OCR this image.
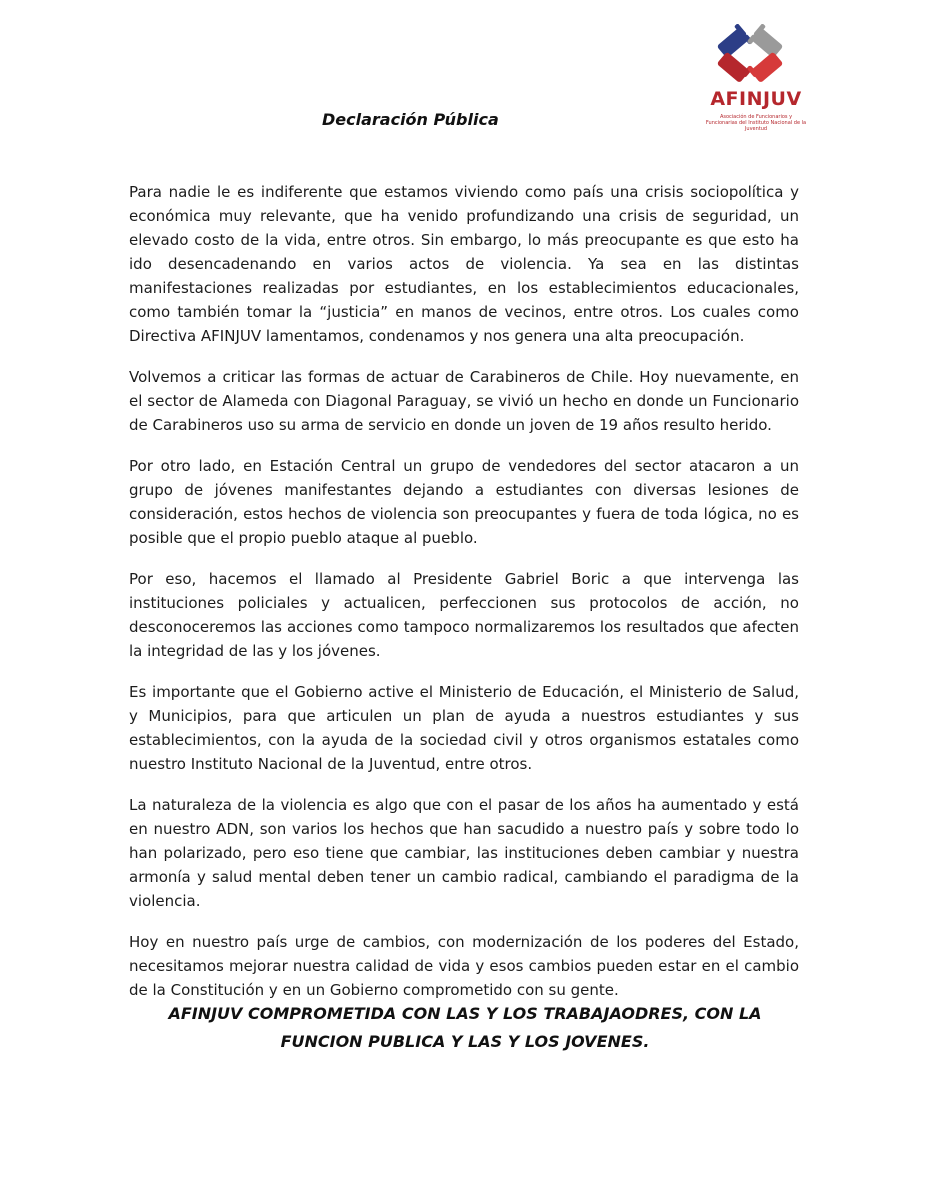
AFINJUV
Asociación de Funcionarios y Funcionarias del Instituto Nacional de la Juventud
Declaración Pública

Para nadie le es indiferente que estamos viviendo como país una crisis sociopolítica y económica muy relevante, que ha venido profundizando una crisis de seguridad, un elevado costo de la vida, entre otros. Sin embargo, lo más preocupante es que esto ha ido desencadenando en varios actos de violencia. Ya sea en las distintas manifestaciones realizadas por estudiantes, en los establecimientos educacionales, como también tomar la “justicia” en manos de vecinos, entre otros. Los cuales como Directiva AFINJUV lamentamos, condenamos y nos genera una alta preocupación.

Volvemos a criticar las formas de actuar de Carabineros de Chile. Hoy nuevamente, en el sector de Alameda con Diagonal Paraguay, se vivió un hecho en donde un Funcionario de Carabineros uso su arma de servicio en donde un joven de 19 años resulto herido.

Por otro lado, en Estación Central un grupo de vendedores del sector atacaron a un grupo de jóvenes manifestantes dejando a estudiantes con diversas lesiones de consideración, estos hechos de violencia son preocupantes y fuera de toda lógica, no es posible que el propio pueblo ataque al pueblo.

Por eso, hacemos el llamado al Presidente Gabriel Boric a que intervenga las instituciones policiales y actualicen, perfeccionen sus protocolos de acción, no desconoceremos las acciones como tampoco normalizaremos los resultados que afecten la integridad de las y los jóvenes.

Es importante que el Gobierno active el Ministerio de Educación, el Ministerio de Salud, y Municipios, para que articulen un plan de ayuda a nuestros estudiantes y sus establecimientos, con la ayuda de la sociedad civil y otros organismos estatales como nuestro Instituto Nacional de la Juventud, entre otros.

La naturaleza de la violencia es algo que con el pasar de los años ha aumentado y está en nuestro ADN, son varios los hechos que han sacudido a nuestro país y sobre todo lo han polarizado, pero eso tiene que cambiar, las instituciones deben cambiar y nuestra armonía y salud mental deben tener un cambio radical, cambiando el paradigma de la violencia.

Hoy en nuestro país urge de cambios, con modernización de los poderes del Estado, necesitamos mejorar nuestra calidad de vida y esos cambios pueden estar en el cambio de la Constitución y en un Gobierno comprometido con su gente.

AFINJUV COMPROMETIDA CON LAS Y LOS TRABAJAODRES, CON LA
FUNCION PUBLICA Y LAS Y LOS JOVENES.
